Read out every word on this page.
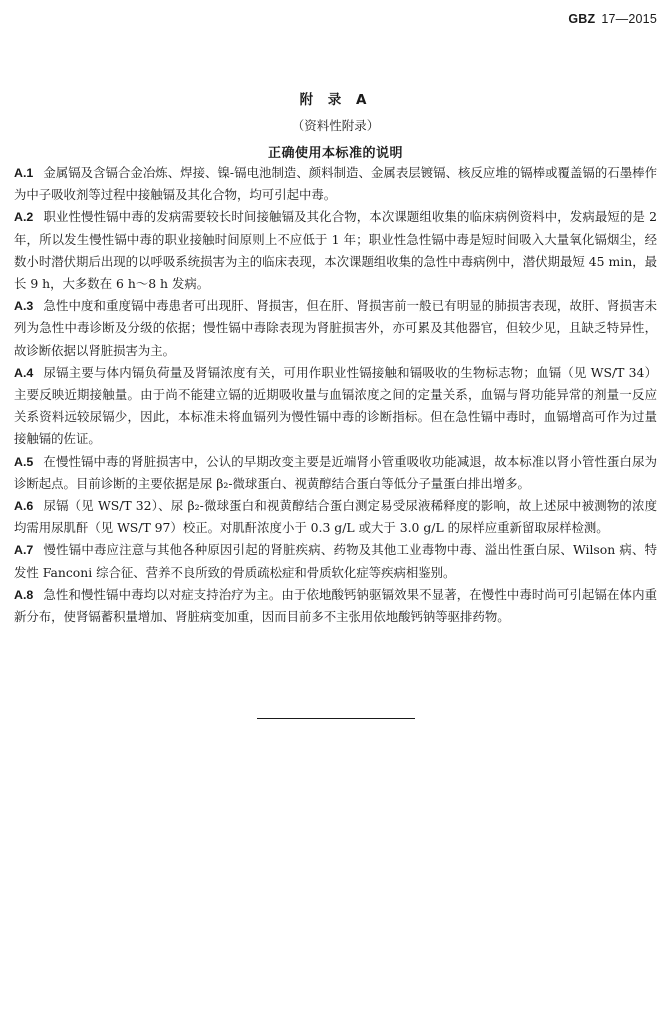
GBZ 17—2015
附 录 A
（资料性附录）
正确使用本标准的说明

A.1 金属镉及含镉合金冶炼、焊接、镍-镉电池制造、颜料制造、金属表层镀镉、核反应堆的镉棒或覆盖镉的石墨棒作为中子吸收剂等过程中接触镉及其化合物，均可引起中毒。

A.2 职业性慢性镉中毒的发病需要较长时间接触镉及其化合物，本次课题组收集的临床病例资料中，发病最短的是 2 年，所以发生慢性镉中毒的职业接触时间原则上不应低于 1 年；职业性急性镉中毒是短时间吸入大量氧化镉烟尘，经数小时潜伏期后出现的以呼吸系统损害为主的临床表现，本次课题组收集的急性中毒病例中，潜伏期最短 45 min，最长 9 h，大多数在 6 h～8 h 发病。

A.3 急性中度和重度镉中毒患者可出现肝、肾损害，但在肝、肾损害前一般已有明显的肺损害表现，故肝、肾损害未列为急性中毒诊断及分级的依据；慢性镉中毒除表现为肾脏损害外，亦可累及其他器官，但较少见，且缺乏特异性，故诊断依据以肾脏损害为主。

A.4 尿镉主要与体内镉负荷量及肾镉浓度有关，可用作职业性镉接触和镉吸收的生物标志物；血镉（见 WS/T 34）主要反映近期接触量。由于尚不能建立镉的近期吸收量与血镉浓度之间的定量关系，血镉与肾功能异常的剂量一反应关系资料远较尿镉少，因此，本标准未将血镉列为慢性镉中毒的诊断指标。但在急性镉中毒时，血镉增高可作为过量接触镉的佐证。

A.5 在慢性镉中毒的肾脏损害中，公认的早期改变主要是近端肾小管重吸收功能减退，故本标准以肾小管性蛋白尿为诊断起点。目前诊断的主要依据是尿 β₂-微球蛋白、视黄醇结合蛋白等低分子量蛋白排出增多。

A.6 尿镉（见 WS/T 32）、尿 β₂-微球蛋白和视黄醇结合蛋白测定易受尿液稀释度的影响，故上述尿中被测物的浓度均需用尿肌酐（见 WS/T 97）校正。对肌酐浓度小于 0.3 g/L 或大于 3.0 g/L 的尿样应重新留取尿样检测。

A.7 慢性镉中毒应注意与其他各种原因引起的肾脏疾病、药物及其他工业毒物中毒、溢出性蛋白尿、Wilson 病、特发性 Fanconi 综合征、营养不良所致的骨质疏松症和骨质软化症等疾病相鉴别。

A.8 急性和慢性镉中毒均以对症支持治疗为主。由于依地酸钙钠驱镉效果不显著，在慢性中毒时尚可引起镉在体内重新分布，使肾镉蓄积量增加、肾脏病变加重，因而目前多不主张用依地酸钙钠等驱排药物。
